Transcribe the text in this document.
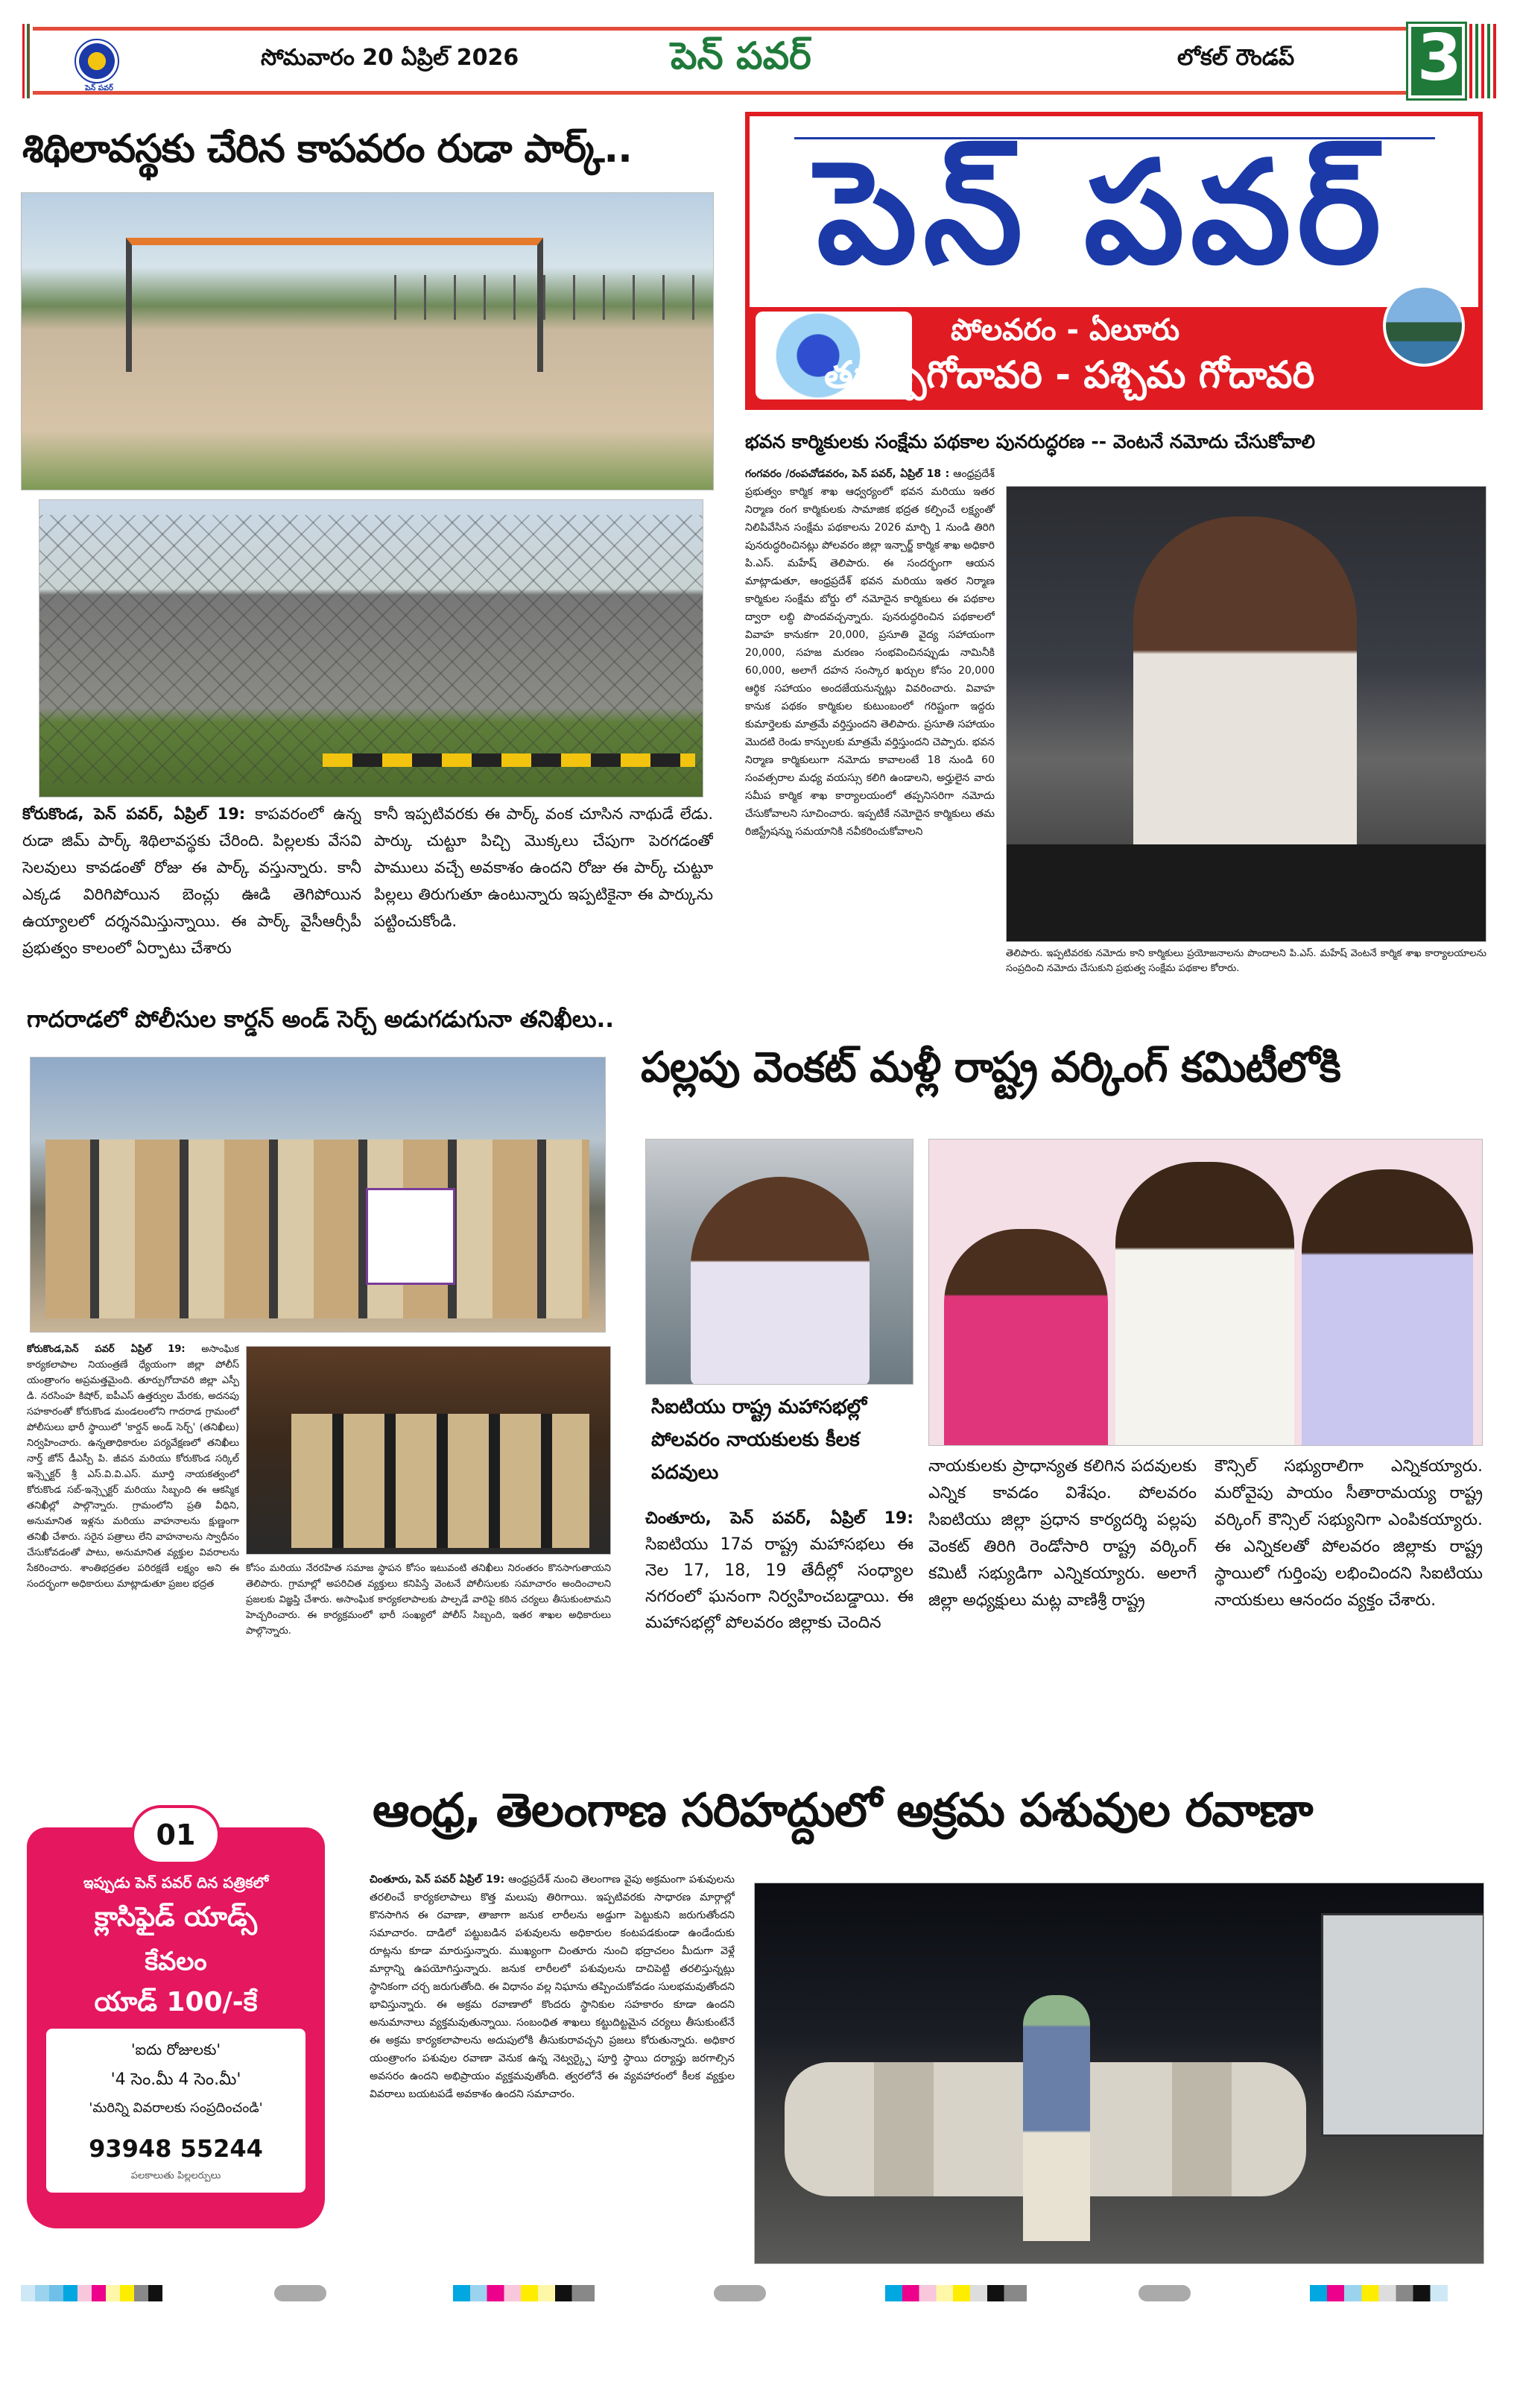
పెన్ పవర్
సోమవారం 20 ఏప్రిల్ 2026	పెన్ పవర్	లోకల్ రౌండప్ 3
శిథిలావస్థకు చేరిన కాపవరం రుడా పార్క్..
కోరుకొండ, పెన్ పవర్, ఏప్రిల్ 19: కాపవరంలో ఉన్న రుడా జిమ్ పార్క్ శిథిలావస్థకు చేరింది. పిల్లలకు వేసవి సెలవులు కావడంతో రోజు ఈ పార్క్ వస్తున్నారు. కానీ ఎక్కడ విరిగిపోయిన బెంచ్లు ఊడి తెగిపోయిన ఉయ్యాలలో దర్శనమిస్తున్నాయి. ఈ పార్క్ వైసీఆర్సీపీ ప్రభుత్వం కాలంలో ఏర్పాటు చేశారు
కానీ ఇప్పటివరకు ఈ పార్క్ వంక చూసిన నాథుడే లేడు. పార్కు చుట్టూ పిచ్చి మొక్కలు చేపుగా పెరగడంతో పాములు వచ్చే అవకాశం ఉందని రోజు ఈ పార్క్ చుట్టూ పిల్లలు తిరుగుతూ ఉంటున్నారు ఇప్పటికైనా ఈ పార్కును పట్టించుకోండి.
పెన్ పవర్
పోలవరం - ఏలూరు
తూర్పుగోదావరి - పశ్చిమ గోదావరి
భవన కార్మికులకు సంక్షేమ పథకాల పునరుద్ధరణ -- వెంటనే నమోదు చేసుకోవాలి
గంగవరం /రంపచోడవరం, పెన్ పవర్, ఏప్రిల్ 18 : ఆంధ్రప్రదేశ్ ప్రభుత్వం కార్మిక శాఖ ఆధ్వర్యంలో భవన మరియు ఇతర నిర్మాణ రంగ కార్మికులకు సామాజిక భద్రత కల్పించే లక్ష్యంతో నిలిపివేసిన సంక్షేమ పథకాలను 2026 మార్చి 1 నుండి తిరిగి పునరుద్ధరించినట్లు పోలవరం జిల్లా ఇన్చార్జ్ కార్మిక శాఖ అధికారి పి.ఎస్. మహేష్ తెలిపారు. ఈ సందర్భంగా ఆయన మాట్లాడుతూ, ఆంధ్రప్రదేశ్ భవన మరియు ఇతర నిర్మాణ కార్మికుల సంక్షేమ బోర్డు లో నమోదైన కార్మికులు ఈ పథకాల ద్వారా లబ్ధి పొందవచ్చన్నారు. పునరుద్ధరించిన పథకాలలో వివాహ కానుకగా 20,000, ప్రసూతి వైద్య సహాయంగా 20,000, సహజ మరణం సంభవించినప్పుడు నామినీకి 60,000, అలాగే దహన సంస్కార ఖర్చుల కోసం 20,000 ఆర్థిక సహాయం అందజేయనున్నట్లు వివరించారు. వివాహ కానుక పథకం కార్మికుల కుటుంబంలో గరిష్టంగా ఇద్దరు కుమార్తెలకు మాత్రమే వర్తిస్తుందని తెలిపారు. ప్రసూతి సహాయం మొదటి రెండు కాన్పులకు మాత్రమే వర్తిస్తుందని చెప్పారు. భవన నిర్మాణ కార్మికులుగా నమోదు కావాలంటే 18 నుండి 60 సంవత్సరాల మధ్య వయస్సు కలిగి ఉండాలని, అర్హులైన వారు సమీప కార్మిక శాఖ కార్యాలయంలో తప్పనిసరిగా నమోదు చేసుకోవాలని సూచించారు. ఇప్పటికే నమోదైన కార్మికులు తమ రిజిస్ట్రేషన్ను సమయానికి నవీకరించుకోవాలని
తెలిపారు. ఇప్పటివరకు నమోదు కాని కార్మికులు ప్రయోజనాలను పొందాలని పి.ఎస్. మహేష్ వెంటనే కార్మిక శాఖ కార్యాలయాలను సంప్రదించి నమోదు చేసుకుని ప్రభుత్వ సంక్షేమ పథకాల కోరారు.
గాదరాడలో పోలీసుల కార్డన్ అండ్ సెర్చ్ అడుగడుగునా తనిఖీలు..
కోరుకొండ,పెన్ పవర్ ఏప్రిల్ 19: అసాంఘిక కార్యకలాపాల నియంత్రణే ధ్యేయంగా జిల్లా పోలీస్ యంత్రాంగం అప్రమత్తమైంది. తూర్పుగోదావరి జిల్లా ఎస్పీ డి. నరసింహ కిషోర్, ఐపీఎస్ ఉత్తర్వుల మేరకు, అదనపు సహకారంతో కోరుకొండ మండలంలోని గాదరాడ గ్రామంలో పోలీసులు భారీ స్థాయిలో 'కార్డన్ అండ్ సెర్చ్' (తనిఖీలు) నిర్వహించారు. ఉన్నతాధికారుల పర్యవేక్షణలో తనిఖీలు నార్త్ జోన్ డీఎస్పీ పి. జీవన మరియు కోరుకొండ సర్కిల్ ఇన్స్పెక్టర్ శ్రీ ఎస్.వి.వి.ఎస్. మూర్తి నాయకత్వంలో కోరుకొండ సబ్-ఇన్స్పెక్టర్ మరియు సిబ్బంది ఈ ఆకస్మిక తనిఖీల్లో పాల్గొన్నారు. గ్రామంలోని ప్రతి వీధిని, అనుమానిత ఇళ్లను మరియు వాహనాలను క్షుణ్ణంగా తనిఖీ చేశారు. సరైన పత్రాలు లేని వాహనాలను స్వాధీనం చేసుకోవడంతో పాటు, అనుమానిత వ్యక్తుల వివరాలను సేకరించారు. శాంతిభద్రతల పరిరక్షణే లక్ష్యం అని ఈ సందర్భంగా అధికారులు మాట్లాడుతూ ప్రజల భద్రత
కోసం మరియు నేరరహిత సమాజ స్థాపన కోసం ఇటువంటి తనిఖీలు నిరంతరం కొనసాగుతాయని తెలిపారు. గ్రామాల్లో అపరిచిత వ్యక్తులు కనిపిస్తే వెంటనే పోలీసులకు సమాచారం అందించాలని ప్రజలకు విజ్ఞప్తి చేశారు. అసాంఘిక కార్యకలాపాలకు పాల్పడే వారిపై కఠిన చర్యలు తీసుకుంటామని హెచ్చరించారు. ఈ కార్యక్రమంలో భారీ సంఖ్యలో పోలీస్ సిబ్బంది, ఇతర శాఖల అధికారులు పాల్గొన్నారు.
పల్లపు వెంకట్ మళ్లీ రాష్ట్ర వర్కింగ్ కమిటీలోకి
సిఐటియు రాష్ట్ర మహాసభల్లో పోలవరం నాయకులకు కీలక పదవులు
చింతూరు, పెన్ పవర్, ఏప్రిల్ 19: సిఐటియు 17వ రాష్ట్ర మహాసభలు ఈ నెల 17, 18, 19 తేదీల్లో సంధ్యాల నగరంలో ఘనంగా నిర్వహించబడ్డాయి. ఈ మహాసభల్లో పోలవరం జిల్లాకు చెందిన
నాయకులకు ప్రాధాన్యత కలిగిన పదవులకు ఎన్నిక కావడం విశేషం. పోలవరం సిఐటియు జిల్లా ప్రధాన కార్యదర్శి పల్లపు వెంకట్ తిరిగి రెండోసారి రాష్ట్ర వర్కింగ్ కమిటీ సభ్యుడిగా ఎన్నికయ్యారు. అలాగే జిల్లా అధ్యక్షులు మట్ల వాణిశ్రీ రాష్ట్ర
కౌన్సిల్ సభ్యురాలిగా ఎన్నికయ్యారు. మరోవైపు పాయం సీతారామయ్య రాష్ట్ర వర్కింగ్ కౌన్సిల్ సభ్యునిగా ఎంపికయ్యారు. ఈ ఎన్నికలతో పోలవరం జిల్లాకు రాష్ట్ర స్థాయిలో గుర్తింపు లభించిందని సిఐటియు నాయకులు ఆనందం వ్యక్తం చేశారు.
ఆంధ్ర, తెలంగాణ సరిహద్దులో అక్రమ పశువుల రవాణా
చింతూరు, పెన్ పవర్ ఏప్రిల్ 19: ఆంధ్రప్రదేశ్ నుంచి తెలంగాణ వైపు అక్రమంగా పశువులను తరలించే కార్యకలాపాలు కొత్త మలుపు తిరిగాయి. ఇప్పటివరకు సాధారణ మార్గాల్లో కొనసాగిన ఈ రవాణా, తాజాగా జనుక లారీలను అడ్డుగా పెట్టుకుని జరుగుతోందని సమాచారం. దాడిలో పట్టుబడిన పశువులను అధికారుల కంటపడకుండా ఉండేందుకు రూట్లను కూడా మారుస్తున్నారు. ముఖ్యంగా చింతూరు నుంచి భద్రాచలం మీదుగా వెళ్లే మార్గాన్ని ఉపయోగిస్తున్నారు. జనుక లారీలలో పశువులను దాచిపెట్టి తరలిస్తున్నట్లు స్థానికంగా చర్చ జరుగుతోంది. ఈ విధానం వల్ల నిఘాను తప్పించుకోవడం సులభమవుతోందని భావిస్తున్నారు. ఈ అక్రమ రవాణాలో కొందరు స్థానికుల సహకారం కూడా ఉందని అనుమానాలు వ్యక్తమవుతున్నాయి. సంబంధిత శాఖలు కట్టుదిట్టమైన చర్యలు తీసుకుంటేనే ఈ అక్రమ కార్యకలాపాలను అదుపులోకి తీసుకురావచ్చని ప్రజలు కోరుతున్నారు. అధికార యంత్రాంగం పశువుల రవాణా వెనుక ఉన్న నెట్వర్క్పై పూర్తి స్థాయి దర్యాప్తు జరగాల్సిన అవసరం ఉందని అభిప్రాయం వ్యక్తమవుతోంది. త్వరలోనే ఈ వ్యవహారంలో కీలక వ్యక్తుల వివరాలు బయటపడే అవకాశం ఉందని సమాచారం.
01
ఇప్పుడు పెన్ పవర్ దిన పత్రికలో
క్లాసిఫైడ్ యాడ్స్
కేవలం
యాడ్ 100/-కే
'ఐదు రోజులకు'
'4 సెం.మీ 4 సెం.మీ'
'మరిన్ని వివరాలకు సంప్రదించండి'
93948 55244
పలకాలుతు పిల్లలర్పులు
